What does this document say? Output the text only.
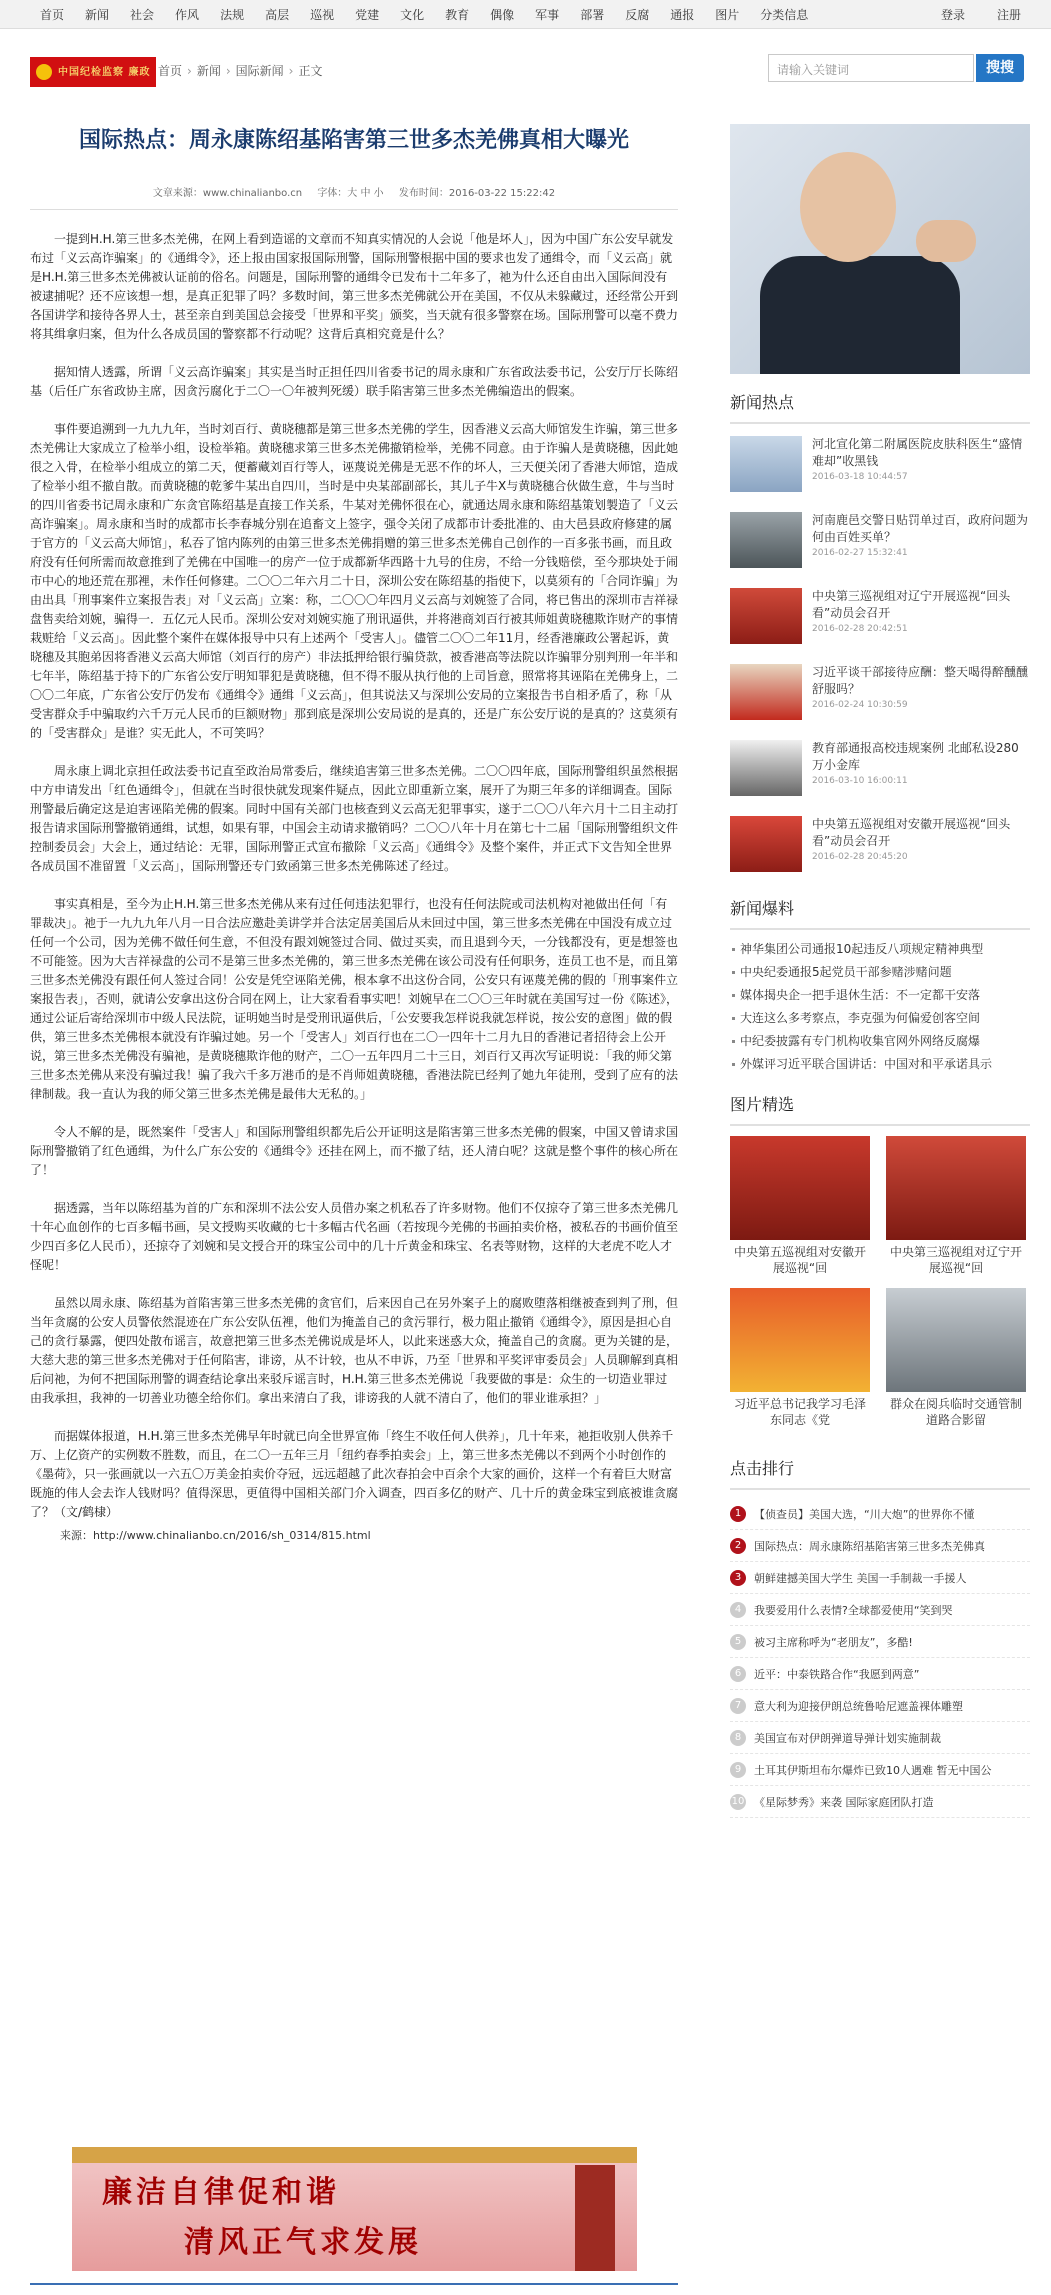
首页 新闻 社会 作风 法规 高层 巡视 党建 文化 教育 偶像 军事 部署 反腐 通报 图片 分类信息	登录	注册
中国纪检监察 廉政 首页 › 新闻 › 国际新闻 › 正文	请输入关键词	搜搜
国际热点：周永康陈绍基陷害第三世多杰羌佛真相大曝光
文章来源：www.chinalianbo.cn 字体：大 中 小 发布时间：2016-03-22 15:22:42

一提到H.H.第三世多杰羌佛，在网上看到造谣的文章而不知真实情况的人会说「他是坏人」，因为中国广东公安早就发布过「义云高诈骗案」的《通缉令》，还上报由国家报国际刑警，国际刑警根据中国的要求也发了通缉令，而「义云高」就是H.H.第三世多杰羌佛被认证前的俗名。问题是，国际刑警的通缉令已发布十二年多了，祂为什么还自由出入国际间没有被逮捕呢？还不应该想一想，是真正犯罪了吗？多数时间，第三世多杰羌佛就公开在美国，不仅从未躲藏过，还经常公开到各国讲学和接待各界人士，甚至亲自到美国总会接受「世界和平奖」颁奖，当天就有很多警察在场。国际刑警可以毫不费力将其缉拿归案，但为什么各成员国的警察都不行动呢？这背后真相究竟是什么？

据知情人透露，所谓「义云高诈骗案」其实是当时正担任四川省委书记的周永康和广东省政法委书记，公安厅厅长陈绍基（后任广东省政协主席，因贪污腐化于二〇一〇年被判死缓）联手陷害第三世多杰羌佛编造出的假案。

事件要追溯到一九九九年，当时刘百行、黄晓穗都是第三世多杰羌佛的学生，因香港义云高大师馆发生诈骗，第三世多杰羌佛让大家成立了检举小组，设检举箱。黄晓穗求第三世多杰羌佛撤销检举，羌佛不同意。由于诈骗人是黄晓穗，因此她很之入骨，在检举小组成立的第二天，便蓄藏刘百行等人，诬蔑说羌佛是无恶不作的坏人，三天便关闭了香港大师馆，造成了检举小组不撤自散。而黄晓穗的乾爹牛某出自四川，当时是中央某部副部长，其儿子牛X与黄晓穗合伙做生意，牛与当时的四川省委书记周永康和广东贪官陈绍基是直接工作关系，牛某对羌佛怀很在心，就通达周永康和陈绍基策划製造了「义云高诈骗案」。周永康和当时的成都市长李春城分别在追畜文上签字，强令关闭了成都市计委批准的、由大邑县政府修建的属于官方的「义云高大师馆」，私吞了馆内陈列的由第三世多杰羌佛捐赠的第三世多杰羌佛自己创作的一百多张书画，而且政府没有任何所需而故意推到了羌佛在中国唯一的房产一位于成都新华西路十九号的住房，不给一分钱赔偿，至今那块处于闹市中心的地还荒在那裡，未作任何修建。二〇〇二年六月二十日，深圳公安在陈绍基的指使下，以莫须有的「合同诈骗」为由出具「刑事案件立案报告表」对「义云高」立案：称，二〇〇〇年四月义云高与刘婉签了合同，将已售出的深圳市吉祥禄盘售卖给刘婉，骗得一．五亿元人民币。深圳公安对刘婉实施了刑讯逼供，并将港商刘百行被其师姐黄晓穗欺诈财产的事情栽赃给「义云高」。因此整个案件在媒体报导中只有上述两个「受害人」。儘管二〇〇二年11月，经香港廉政公署起诉，黄晓穗及其胞弟因将香港义云高大师馆（刘百行的房产）非法抵押给银行骗贷款，被香港高等法院以诈骗罪分别判刑一年半和七年半，陈绍基于持下的广东省公安厅明知罪犯是黄晓穗，但不得不服从执行他的上司旨意，照常将其诬陷在羌佛身上，二〇〇二年底，广东省公安厅仍发布《通缉令》通缉「义云高」，但其说法又与深圳公安局的立案报告书自相矛盾了，称「从受害群众手中骗取约六千万元人民币的巨额财物」那到底是深圳公安局说的是真的，还是广东公安厅说的是真的？这莫须有的「受害群众」是谁？实无此人，不可笑吗？

周永康上调北京担任政法委书记直至政治局常委后，继续追害第三世多杰羌佛。二〇〇四年底，国际刑警组织虽然根据中方申请发出「红色通缉令」，但就在当时很快就发现案件疑点，因此立即重新立案，展开了为期三年多的详细调查。国际刑警最后确定这是迫害诬陷羌佛的假案。同时中国有关部门也核查到义云高无犯罪事实，遂于二〇〇八年六月十二日主动打报告请求国际刑警撤销通缉，试想，如果有罪，中国会主动请求撤销吗？二〇〇八年十月在第七十二届「国际刑警组织文件控制委员会」大会上，通过结论：无罪，国际刑警正式宣布撤除「义云高」《通缉令》及整个案件，并正式下文告知全世界各成员国不准留置「义云高」，国际刑警还专门致函第三世多杰羌佛陈述了经过。

事实真相是，至今为止H.H.第三世多杰羌佛从来有过任何违法犯罪行，也没有任何法院或司法机构对祂做出任何「有罪裁决」。祂于一九九九年八月一日合法应邀赴美讲学并合法定居美国后从未回过中国，第三世多杰羌佛在中国没有成立过任何一个公司，因为羌佛不做任何生意，不但没有跟刘婉签过合同、做过买卖，而且退到今天，一分钱都没有，更是想签也不可能签。因为大吉祥禄盘的公司不是第三世多杰羌佛的，第三世多杰羌佛在该公司没有任何职务，连员工也不是，而且第三世多杰羌佛没有跟任何人签过合同！公安是凭空诬陷羌佛，根本拿不出这份合同，公安只有诬蔑羌佛的假的「刑事案件立案报告表」，否则，就请公安拿出这份合同在网上，让大家看看事实吧！刘婉早在二〇〇三年时就在美国写过一份《陈述》，通过公证后寄给深圳市中级人民法院，证明她当时是受刑讯逼供后，「公安要我怎样说我就怎样说，按公安的意图」做的假供，第三世多杰羌佛根本就没有诈骗过她。另一个「受害人」刘百行也在二〇一四年十二月九日的香港记者招待会上公开说，第三世多杰羌佛没有骗祂，是黄晓穗欺诈他的财产，二〇一五年四月二十三日，刘百行又再次写证明说：「我的师父第三世多杰羌佛从来没有骗过我！骗了我六千多万港币的是不肖师姐黄晓穗，香港法院已经判了她九年徒刑，受到了应有的法律制裁。我一直认为我的师父第三世多杰羌佛是最伟大无私的。」

令人不解的是，既然案件「受害人」和国际刑警组织都先后公开证明这是陷害第三世多杰羌佛的假案，中国又曾请求国际刑警撤销了红色通缉，为什么广东公安的《通缉令》还挂在网上，而不撤了结，还人清白呢？这就是整个事件的核心所在了！

据透露，当年以陈绍基为首的广东和深圳不法公安人员借办案之机私吞了许多财物。他们不仅掠夺了第三世多杰羌佛几十年心血创作的七百多幅书画，吴文授购买收藏的七十多幅古代名画（若按现今羌佛的书画拍卖价格，被私吞的书画价值至少四百多亿人民币），还掠夺了刘婉和吴文授合开的珠宝公司中的几十斤黄金和珠宝、名表等财物，这样的大老虎不吃人才怪呢！

虽然以周永康、陈绍基为首陷害第三世多杰羌佛的贪官们，后来因自己在另外案子上的腐败堕落相继被查到判了刑，但当年贪腐的公安人员警依然混迹在广东公安队伍裡，他们为掩盖自己的贪污罪行，极力阻止撤销《通缉令》，原因是担心自己的贪行暴露，便四处散布谣言，故意把第三世多杰羌佛说成是坏人，以此来迷惑大众，掩盖自己的贪腐。更为关键的是，大慈大悲的第三世多杰羌佛对于任何陷害，诽谤，从不计较，也从不申诉，乃至「世界和平奖评审委员会」人员聊解到真相后问祂，为何不把国际刑警的调查结论拿出来驳斥谣言时，H.H.第三世多杰羌佛说「我要做的事是：众生的一切造业罪过由我承担，我神的一切善业功德全给你们。拿出来清白了我，诽谤我的人就不清白了，他们的罪业谁承担？」

而据媒体报道，H.H.第三世多杰羌佛早年时就已向全世界宣佈「终生不收任何人供养」，几十年来，祂拒收别人供养千万、上亿资产的实例数不胜数，而且，在二〇一五年三月「纽约春季拍卖会」上，第三世多杰羌佛以不到两个小时创作的《墨荷》，只一张画就以一六五〇万美金拍卖价夺冠，远远超越了此次春拍会中百余个大家的画价，这样一个有着巨大财富既施的伟人会去诈人钱财吗？值得深思，更值得中国相关部门介入调查，四百多亿的财产、几十斤的黄金珠宝到底被谁贪腐了？（文/鹤棣）

来源：http://www.chinalianbo.cn/2016/sh_0314/815.html
廉洁自律促和谐
清风正气求发展
新闻热点
河北宣化第二附属医院皮肤科医生“盛情难却”收黑钱
2016-03-18 10:44:57
河南鹿邑交警日贴罚单过百，政府问题为何由百姓买单？
2016-02-27 15:32:41
中央第三巡视组对辽宁开展巡视“回头看”动员会召开
2016-02-28 20:42:51
习近平谈干部接待应酬：整天喝得醉醺醺舒服吗？
2016-02-24 10:30:59
教育部通报高校违规案例 北邮私设280万小金库
2016-03-10 16:00:11
中央第五巡视组对安徽开展巡视“回头看”动员会召开
2016-02-28 20:45:20
新闻爆料
神华集团公司通报10起违反八项规定精神典型
中央纪委通报5起党员干部参赌涉赌问题
媒体揭央企一把手退休生活：不一定都干安落
大连这么多考察点，李克强为何偏爱创客空间
中纪委披露有专门机构收集官网外网络反腐爆
外媒评习近平联合国讲话：中国对和平承诺具示
图片精选
中央第五巡视组对安徽开展巡视“回
中央第三巡视组对辽宁开展巡视“回
习近平总书记我学习毛泽东同志《党
群众在阅兵临时交通管制道路合影留
点击排行
1	【侦查员】美国大选，“川大炮”的世界你不懂
2	国际热点：周永康陈绍基陷害第三世多杰羌佛真
3	朝鲜建撼美国大学生 美国一手制裁一手援人
4	我要爱用什么表情?全球都爱使用“笑到哭
5	被习主席称呼为“老朋友”，多酷!
6	近平：中泰铁路合作“我愿到两意”
7	意大利为迎接伊朗总统鲁哈尼遮盖裸体雕塑
8	美国宣布对伊朗弹道导弹计划实施制裁
9	土耳其伊斯坦布尔爆炸已致10人遇难 暂无中国公
10 《星际梦秀》来袭 国际家庭团队打造
